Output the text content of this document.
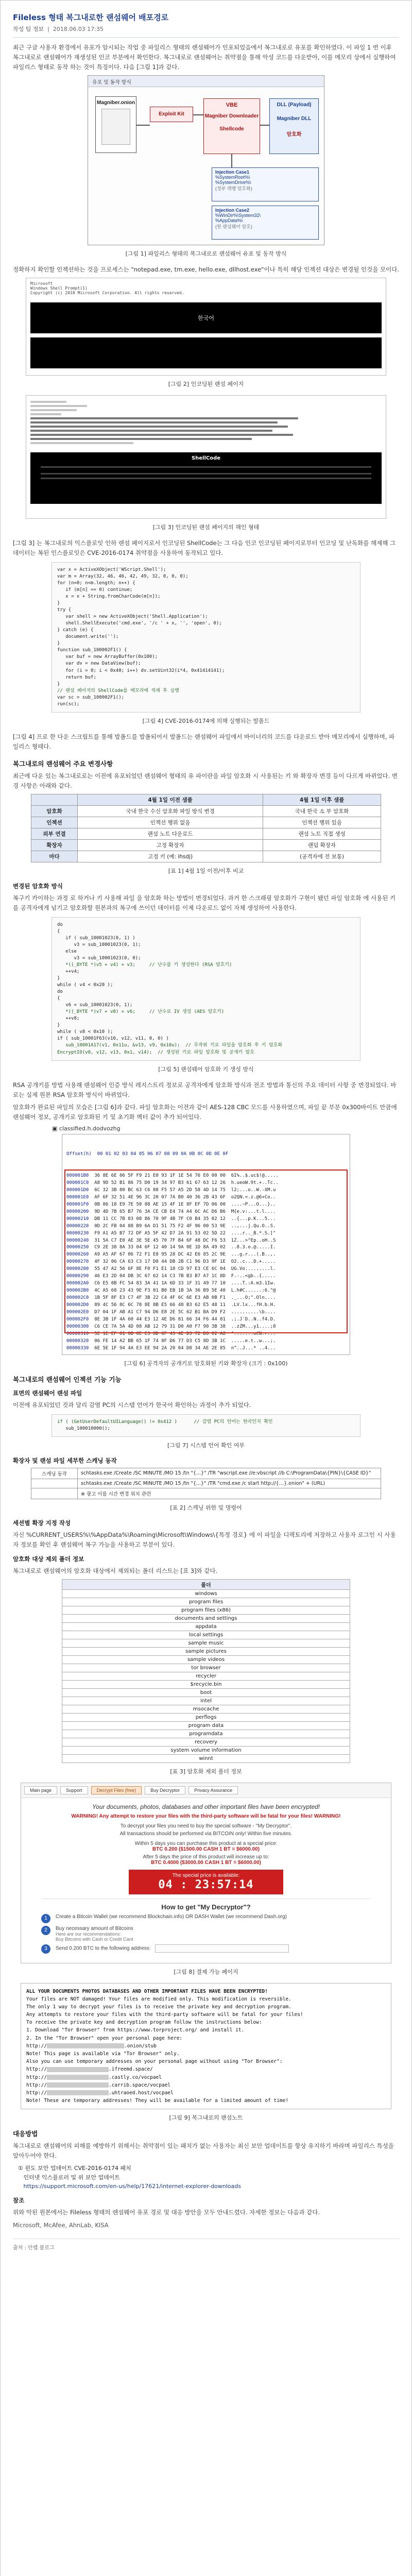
Fileless 형태 복그내로한 랜섬웨어 배포경로
작성 팀 정보  |  2018.06.03 17:35

최근 구글 사용자 환경에서 유포가 암시되는 작업 중 파일리스 형태의 랜섬웨어가 인포되었음에서 복그내로로 유포를 확인하였다. 이 파일 1 번 이후 복그내로로 랜섬웨어가 재생성된 인코 부분에서 확인한다. 복그내로로 랜섬웨어는 취약점을 통해 악성 코드를 다운받아, 이를 메모리 상에서 실행하여 파일리스 형태로 동작 하는 것이 특징이다. 다음 [그림 1]과 같다.

유포 및 동작 방식
Magniber.onion
Exploit Kit
VBE
Magniber Downloader
Shellcode
DLL (Payload)
Magniber DLL
암호화
Injection Case1
%SystemRoot%\
%SystemDrive%\
(정부 레벨 암호화)
Injection Case2
%WinDir%\System32\
%AppData%\
(원 랜섬웨어 암호)
[그림 1] 파일리스 형태의 복그내로로 랜섬웨어 유포 및 동작 방식

정확하지 확인할 인젝션하는 것을 프로세스는 "notepad.exe, tm.exe, hello.exe, dllhost.exe"이나 특히 해당 인젝션 대상은 변경될 인것을 모이다.

Microsoft
Windows Shell Prompt(1)
Copyright (c) 2018 Microsoft Corporation. All rights reserved.
한국어
[그림 2] 인코딩된 랜섬 페이지
ShellCode
[그림 3] 인코딩된 랜섬 페이지의 해인 형태

[그림 3] 는 복그내로의 익스플로잇 인하 랜섬 페이지로서 인코딩된 ShellCode는 그 다음 인코 인코딩된 페이지로부터 인코딩 및 난독화를 해제해 그 데이터는 복된 인스플로잇은 CVE-2016-0174 취약점을 사용하여 동작되고 있다.

var x = ActiveXObject('WScript.Shell');
var m = Array(32, 46, 46, 42, 49, 32, 0, 0, 0);
for (n=0; n<m.length; n++) {
if (m[n] == 0) continue;
x = x + String.fromCharCode(m[n]);
}
try {
var shell = new ActiveXObject('Shell.Application');
shell.ShellExecute('cmd.exe', '/c ' + x, '', 'open', 0);
} catch (e) {
document.write('');
}
function sub_100002F1() {
var buf = new ArrayBuffer(0x100);
var dv = new DataView(buf);
for (i = 0; i < 0x40; i++) dv.setUint32(i*4, 0x41414141);
return buf;
}
// 랜섬 페이지의 ShellCode를 메모리에 적재 후 실행
var sc = sub_100002F1();
run(sc);
[그림 4] CVE-2016-0174에 의해 실행되는 발폴드

[그림 4] 프로 한 다운 스크립트를 통해 발폴드를 발폴되어서 발폴드는 랜섬웨어 파일에서 바이너리의 코드를 다운로드 받아 메모리에서 실행하며, 파일리스 형태다.

복그내로의 랜섬웨어 주요 변경사항

최근에 다운 있는 복그내로로는 이전에 유포되었던 랜섬웨어 형태의 유 파이란을 파일 암호화 시 사용된는 키 와 확장자 변경 등이 다르게 바뀌었다. 변경 사항은 아래와 같다.

	4월 1일 이전 샘플	4월 1일 이후 샘플
암호화	국내 한국 수신 암호화 파일 방식 변경	국내 한국 소 부 암호화
인젝션	인젝션 행위 없음	인젝션 행위 있음
외부 연결	랜섬 노트 다운로드	랜섬 노트 직접 생성
확장자	고정 확장자	랜덤 확장자
마다	고정 키 (예: ihsdj)	(공격자에 전 보통)
[표 1] 4월 1일 이전/이후 비교
변경된 암호화 방식

복구키 카이하는 과정 로 하거나 키 사용해 파일 을 암호화 하는 방법이 변경되었다. 과거 한 스크래핑 암호화가 구현이 됐던 파일 암호화 에 사용된 키 를 공격자에게 넘기고 암호화할 원본과의 복구에 쓰이던 데이터를 이제 다운로드 없이 자체 생성하여 사용한다.

do
{
if ( sub_10001023(0, 1) )
v3 = sub_10001023(0, 1);
else
v3 = sub_10001023(0, 0);
*((_BYTE *)v5 + v4) = v3;     // 난수를 키 생성한다 (RSA 암호키)
++v4;
}
while ( v4 < 0x20 );
do
{
v6 = sub_10001023(0, 1);
*((_BYTE *)v7 + v8) = v6;     // 난수로 IV 생성 (AES 암호키)
++v8;
}
while ( v8 < 0x10 );
if ( sub_10001F63(v10, v12, v11, 0, 0) )
sub_10001A17(v1, 0x11u, &v13, v9, 0x10u);  // 무작위 키로 파일을 암호화 후 키 암호화
EncryptIO(v0, v12, v13, 0x1, v14);  // 생성된 키로 파일 암호화 및 공개키 암호
[그림 5] 랜섬웨어 암호화 키 생성 방식

RSA 공개키를 방법 사용해 랜섬웨어 인증 방식 레지스트리 정보로 공격자에게 암호화 방식과 전조 방법과 통신의 주요 데이터 사항 중 변경되었다. 바로는 실제 원본 RSA 암호화 방식이 바뀌었다.

암호화가 완료된 파일의 모습은 [그림 6]과 같다. 파일 암호화는 이전과 같이 AES-128 CBC 모드를 사용하였으며, 파일 끝 부분 0x300바이트 만큼에 랜섬웨어 정보, 공개키로 암호화된 키 및 초기화 벡터 값이 추가 되어있다.

▣ classified.h.dodvozhg

Offset(h)  00 01 02 03 04 05 06 07 08 09 0A 0B 0C 0D 0E 0F

000001B0 36 8E 6E 06 5F F9 21 E0 93 1F 1E 54 76 E0 00 00 6I%..$.uc$!@.....
000001C0 A8 9D 52 B1 86 75 D0 19 34 97 B3 61 67 63 12 26 h.ueoW.9t.+..Tc..
000001D0 6C 32 3B 80 BC 63 C6 88 F5 57 A5 2D 58 4D 14 75 l2;...o..W.-XM.u
000001E0 AF 6F 32 51 4E 96 3C 20 07 7A B0 40 36 2B 43 6F o2QN.<.z.@6+Co..
000001F0 0B 86 18 E9 7E 50 88 AE 15 4F 1E 8F EF 7D 06 00 ....~P...O...}..
00000200 9D 4D 7B 65 B7 76 3A CE CB E4 74 A4 6C AC D6 B6 M{e.v:...t.l....
00000210 DB 11 CC 7B 83 08 86 70 9F 4B 7F C0 B4 35 02 12 ..{...p.K...5...
00000220 0D 2C FB 04 88 B9 6A D1 51 75 F2 4F 96 00 53 9E ..,...j.Qu.O..S.
00000230 F9 A1 A5 B7 72 DF A5 5F 42 D7 2A 91 53 02 5D 22 ....r.._B.*.S.]"
00000240 31 5A C7 E0 AE 3E 5E 45 70 7F B4 6F 48 DC F6 53 1Z...>^Ep..oH..S
00000250 C9 2E 38 8A 33 04 6F 12 40 14 9A 0E 1D 8A 49 02 ..8.3.o.@.....I.
00000260 A9 A5 AF 67 06 72 F1 E8 95 28 DC 42 E6 85 2C 9E ...g.r...(.B..,.
00000270 4F 32 06 CA 63 C3 17 D8 44 DB 2B C1 96 D3 9F 1E O2..c...D.+.....
00000280 55 47 A2 56 6F 8E F0 F1 E1 18 CD 97 E3 CE 6C 04 UG.Vo.........l.
00000290 46 E3 2D 04 DB 3C 67 62 14 C3 7B B3 B7 A7 1C 8D F.-..<gb..{.....
000002A0 C6 E5 0B FC 54 83 3A 41 1A 6D 33 1F 31 49 77 10 ....T.:A.m3.1Iw.
000002B0 4C A5 68 23 43 9E F3 01 B0 EB 1B 3A 36 B9 5E 40 L.h#C......:6.^@
000002C0 1B 5F 8F E3 C7 4F 3B 22 C4 4F 6C 6E E3 AB 0B F1 ._...O;".Oln....
000002D0 89 4C 56 8C 6C 78 8E 8B E5 66 48 B3 62 E5 48 11 .LV.lx...fH.b.H.
000002E0 D7 04 1F AB A1 C7 94 D6 E8 2E 5C 62 B1 BA D9 F2 ..........\b....
000002F0 8E 3B 1F 4A 60 44 E3 12 4E D6 81 66 34 F6 44 01 .;.J`D..N..f4.D.
00000300 C6 CE 7A 5A 4D 08 AB 12 79 31 D0 A0 F7 90 3B 38 ..zZM...y1....;8
00000310 5E 1E EF 81 0B 0E E3 8D 6F 43 4E D3 72 D8 02 A8 ^.......oCN.r...
00000320 06 FE 14 A2 BB 65 1F 74 8F D6 77 D3 C5 8D 3B 1C .....e.t..w...;.
00000330 6E 5E 1F 94 4A E3 EE 94 2A 20 04 D8 34 AE 2E 85 n^..J...* ..4...
[그림 6] 공격자의 공개키로 암호화된 키와 확장자 (크기 : 0x100)
복그내로의 랜섬웨어 인젝션 기능 기능
표면의 랜섬웨어 랜섬 파일

이전에 유포되었던 것과 달리 감염 PC의 시스템 언어가 한국어 확인하는 과정이 추가 되었다.

if ( (GetUserDefaultUILanguage() != 0x412 )      // 감염 PC의 언어는 한국인지 확인
sub_100010000();
[그림 7] 시스템 언어 확인 여부
확장자 및 랜섬 파일 세부한 스캐닝 동작
스캐닝 동작	schtasks.exe /Create /SC MINUTE /MO 15 /tn "{...}" /TR "wscript.exe //e:vbscript //b C:\ProgramData\{PIN}\{CASE ID}"
	schtasks.exe /Create /SC MINUTE /MO 15 /tn "{...}" /TR "cmd.exe /c start http://{…}.onion" + (URL)
	※ 광고 이름 시간 변경 위치 관련
[표 2] 스캐닝 위한 및 명령어
세션별 확장 지정 작성

자신 %CURRENT_USERS%\%AppData%\Roaming\Microsoft\Windows\{특정 경로} 에 이 파일을 디렉토리에 저장하고 사용자 로그인 시 사용자 정보를 확인 후 랜섬웨어 복구 가능을 사용하고 부분이 있다.

암호화 대상 제외 폴더 정보

복그내로로 랜섬웨어의 암호화 대상에서 제외되는 폴더 리스트는 [표 3]와 같다.

폴더
windows
program files
program files (x86)
documents and settings
appdata
local settings
sample music
sample pictures
sample videos
tor browser
recycler
$recycle.bin
boot
intel
msocache
perflogs
program data
programdata
recovery
system volume information
winnt
[표 3] 암호화 제외 폴더 정보
Main page	Support	Decrypt Files (free)	Buy Decryptor	Privacy Assurance
Your documents, photos, databases and other important files have been encrypted!
WARNING! Any attempt to restore your files with the third-party software will be fatal for your files! WARNING!
To decrypt your files you need to buy the special software - "My Decryptor".
All transactions should be performed via BITCOIN only! Within five minutes.
Within 5 days you can purchase this product at a special price:
BTC 0.200 ($1500.00 CASH 1 BT = $6000.00)
After 5 days the price of this product will increase up to:
BTC 0.4000 ($3000.00 CASH 1 BT = $6000.00)
The special price is available:
04 : 23:57:14
How to get "My Decryptor"?
1	Create a Bitcoin Wallet (we recommend Blockchain.info) OR DASH Wallet (we recommend Dash.org)
2	Buy necessary amount of Bitcoins
Here are our recommendations:
Buy Bitcoins with Cash or Credit Card
3	Send 0.200 BTC to the following address:
[그림 8] 결제 가능 페이지
ALL YOUR DOCUMENTS PHOTOS DATABASES AND OTHER IMPORTANT FILES HAVE BEEN ENCRYPTED!
Your files are NOT damaged! Your files are modified only. This modification is reversible.
The only 1 way to decrypt your files is to receive the private key and decryption program.
Any attempts to restore your files with the third-party software will be fatal for your files!
To receive the private key and decryption program follow the instructions below:
1. Download "Tor Browser" from https://www.torproject.org/ and install it.
2. In the "Tor Browser" open your personal page here:
http://	.onion/stub
Note! This page is available via "Tor Browser" only.
Also you can use temporary addresses on your personal page without using "Tor Browser":
http://	.ifreemd.space/
http://	.castly.co/vocpael
http://	.carrib.space/vocpael
http://	.uhtraoed.host/vocpael
Note! These are temporary addresses! They will be available for a limited amount of time!
[그림 9] 복그내로의 랜섬노트
대응방법

복그내로로 랜섬웨어의 피해를 예방하기 위해서는 취약점이 있는 패치가 없는 사용자는 최신 보안 업데이트를 항상 유지하기 바라며 파일리스 특성을 알아두어야 한다.

① 윈도 보안 업데이트 CVE-2016-0174 패치
인터넷 익스플로러 및 위 보안 업데이트
https://support.microsoft.com/en-us/help/17621/internet-explorer-downloads
참조

위와 악된 원본에서는 Fileless 형태의 랜섬웨어 유포 경로 및 대응 방안을 모두 안내드렸다. 자세한 정보는 다음과 같다.

Microsoft, McAfee, AhnLab, KISA

출처 : 안랩 블로그
